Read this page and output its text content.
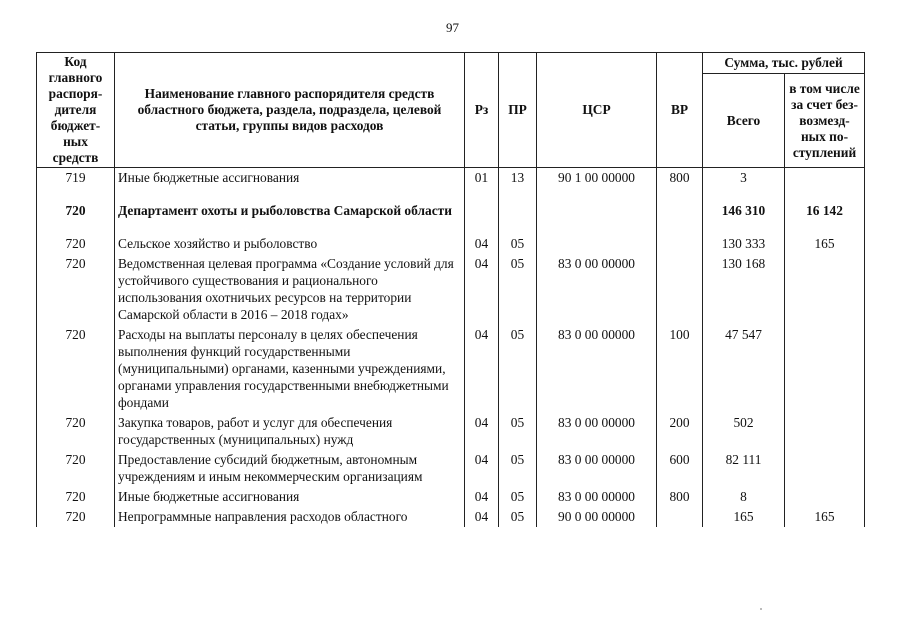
97
Код главного распоря-дителя бюджет-ных средств	Наименование главного распорядителя средств областного бюджета, раздела, подраздела, целевой статьи, группы видов расходов	Рз	ПР	ЦСР	ВР	Сумма, тыс. рублей	
						Всего	в том числе за счет без-возмезд-ных по-ступлений
719	Иные бюджетные ассигнования	01	13	90 1 00 00000	800	3	

720	Департамент охоты и рыболовства Самарской области					146 310	16 142

720	Сельское хозяйство и рыболовство	04	05			130 333	165
720	Ведомственная целевая программа «Создание условий для устойчивого существования и рационального использования охотничьих ресурсов на территории Самарской области в 2016 – 2018 годах»	04	05	83 0 00 00000		130 168	
720	Расходы на выплаты персоналу в целях обеспечения выполнения функций государственными (муниципальными) органами, казенными учреждениями, органами управления государственными внебюджетными фондами	04	05	83 0 00 00000	100	47 547	
720	Закупка товаров, работ и услуг для обеспечения государственных (муниципальных) нужд	04	05	83 0 00 00000	200	502	
720	Предоставление субсидий бюджетным, автономным учреждениям и иным некоммерческим организациям	04	05	83 0 00 00000	600	82 111	
720	Иные бюджетные ассигнования	04	05	83 0 00 00000	800	8	
720	Непрограммные направления расходов областного	04	05	90 0 00 00000		165	165
